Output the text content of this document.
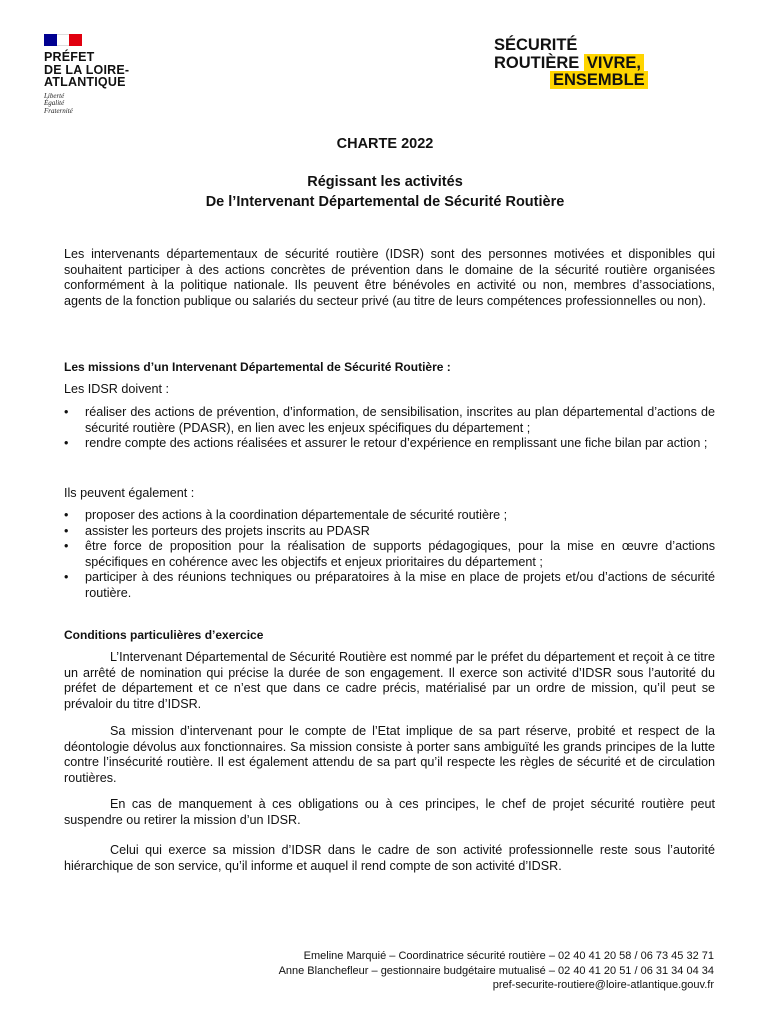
PRÉFET
DE LA LOIRE-
ATLANTIQUE
Liberté
Égalité
Fraternité
SÉCURITÉ
ROUTIÈRE VIVRE,
ENSEMBLE
CHARTE 2022
Régissant les activités
De l’Intervenant Départemental de Sécurité Routière
Les intervenants départementaux de sécurité routière (IDSR) sont des personnes motivées et disponibles qui souhaitent participer à des actions concrètes de prévention dans le domaine de la sécurité routière organisées conformément à la politique nationale. Ils peuvent être bénévoles en activité ou non, membres d’associations, agents de la fonction publique ou salariés du secteur privé (au titre de leurs compétences professionnelles ou non).
Les missions d’un Intervenant Départemental de Sécurité Routière :
Les IDSR doivent :
• réaliser des actions de prévention, d’information, de sensibilisation, inscrites au plan départemental d’actions de sécurité routière (PDASR), en lien avec les enjeux spécifiques du département ;
• rendre compte des actions réalisées et assurer le retour d’expérience en remplissant une fiche bilan par action ;
Ils peuvent également :
• proposer des actions à la coordination départementale de sécurité routière ;
• assister les porteurs des projets inscrits au PDASR
• être force de proposition pour la réalisation de supports pédagogiques, pour la mise en œuvre d’actions spécifiques en cohérence avec les objectifs et enjeux prioritaires du département ;
• participer à des réunions techniques ou préparatoires à la mise en place de projets et/ou d’actions de sécurité routière.
Conditions particulières d’exercice
L’Intervenant Départemental de Sécurité Routière est nommé par le préfet du département et reçoit à ce titre un arrêté de nomination qui précise la durée de son engagement. Il exerce son activité d’IDSR sous l’autorité du préfet de département et ce n’est que dans ce cadre précis, matérialisé par un ordre de mission, qu’il peut se prévaloir du titre d’IDSR.
Sa mission d’intervenant pour le compte de l’Etat implique de sa part réserve, probité et respect de la déontologie dévolus aux fonctionnaires. Sa mission consiste à porter sans ambiguïté les grands principes de la lutte contre l’insécurité routière. Il est également attendu de sa part qu’il respecte les règles de sécurité et de circulation routières.
En cas de manquement à ces obligations ou à ces principes, le chef de projet sécurité routière peut suspendre ou retirer la mission d’un IDSR.
Celui qui exerce sa mission d’IDSR dans le cadre de son activité professionnelle reste sous l’autorité hiérarchique de son service, qu’il informe et auquel il rend compte de son activité d’IDSR.
Emeline Marquié – Coordinatrice sécurité routière – 02 40 41 20 58 / 06 73 45 32 71
Anne Blanchefleur – gestionnaire budgétaire mutualisé – 02 40 41 20 51 / 06 31 34 04 34
pref-securite-routiere@loire-atlantique.gouv.fr
